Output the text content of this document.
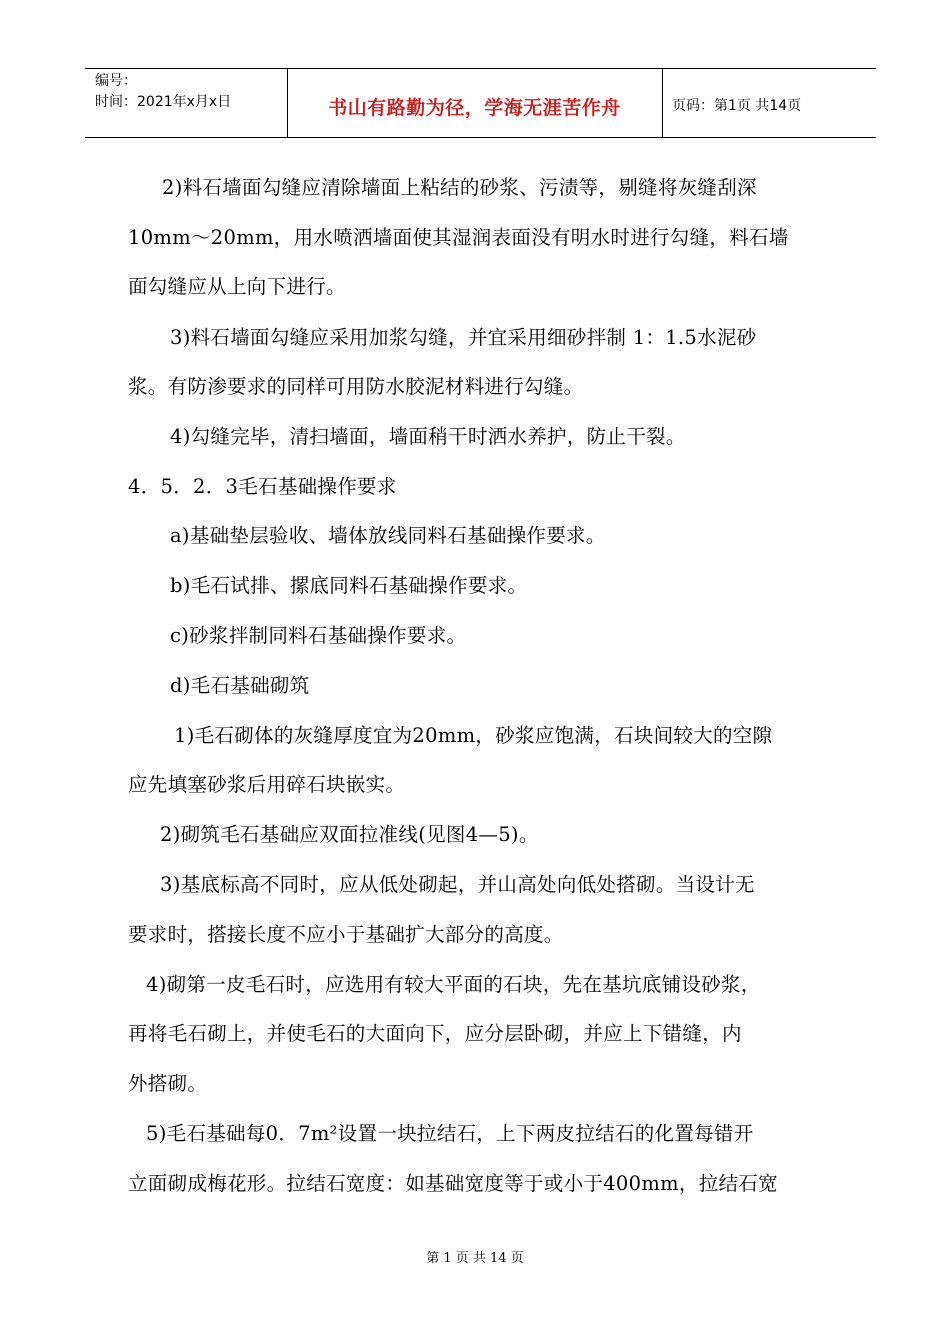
编号：
时间：2021年x月x日	书山有路勤为径，学海无涯苦作舟	页码：第1页 共14页
2)料石墙面勾缝应清除墙面上粘结的砂浆、污渍等，剔缝将灰缝刮深
10mm～20mm，用水喷洒墙面使其湿润表面没有明水时进行勾缝，料石墙
面勾缝应从上向下进行。
3)料石墙面勾缝应采用加浆勾缝，并宜采用细砂拌制 1：1.5水泥砂
浆。有防渗要求的同样可用防水胶泥材料进行勾缝。
4)勾缝完毕，清扫墙面，墙面稍干时洒水养护，防止干裂。
4．5．2．3毛石基础操作要求
a)基础垫层验收、墙体放线同料石基础操作要求。
b)毛石试排、摞底同料石基础操作要求。
c)砂浆拌制同料石基础操作要求。
d)毛石基础砌筑
1)毛石砌体的灰缝厚度宜为20mm，砂浆应饱满，石块间较大的空隙
应先填塞砂浆后用碎石块嵌实。
2)砌筑毛石基础应双面拉准线(见图4—5)。
3)基底标高不同时，应从低处砌起，并山高处向低处搭砌。当设计无
要求时，搭接长度不应小于基础扩大部分的高度。
4)砌第一皮毛石时，应选用有较大平面的石块，先在基坑底铺设砂浆，
再将毛石砌上，并使毛石的大面向下，应分层卧砌，并应上下错缝，内
外搭砌。
5)毛石基础每0．7m²设置一块拉结石，上下两皮拉结石的化置每错开
立面砌成梅花形。拉结石宽度：如基础宽度等于或小于400mm，拉结石宽
第 1 页 共 14 页
